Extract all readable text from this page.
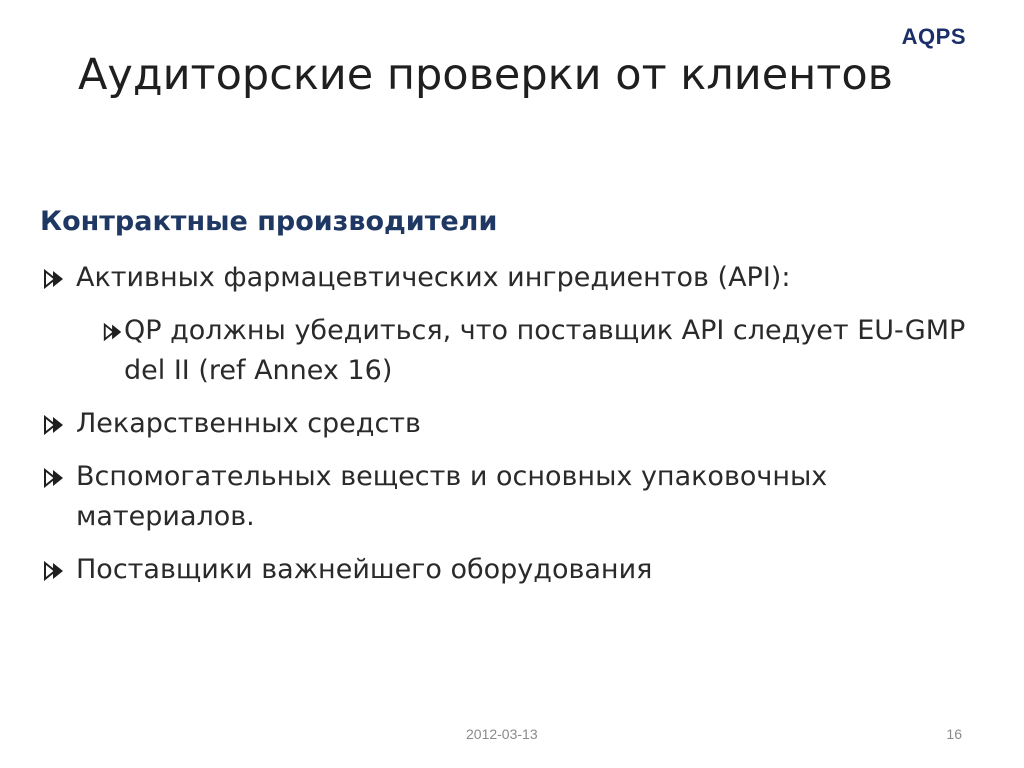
AQPS
Аудиторские проверки от клиентов
Контрактные производители
Активных фармацевтических ингредиентов (API):
QP должны убедиться, что поставщик API следует EU-GMP del II (ref Annex 16)
Лекарственных средств
Вспомогательных веществ и основных упаковочных материалов.
Поставщики важнейшего оборудования
2012-03-13	16
